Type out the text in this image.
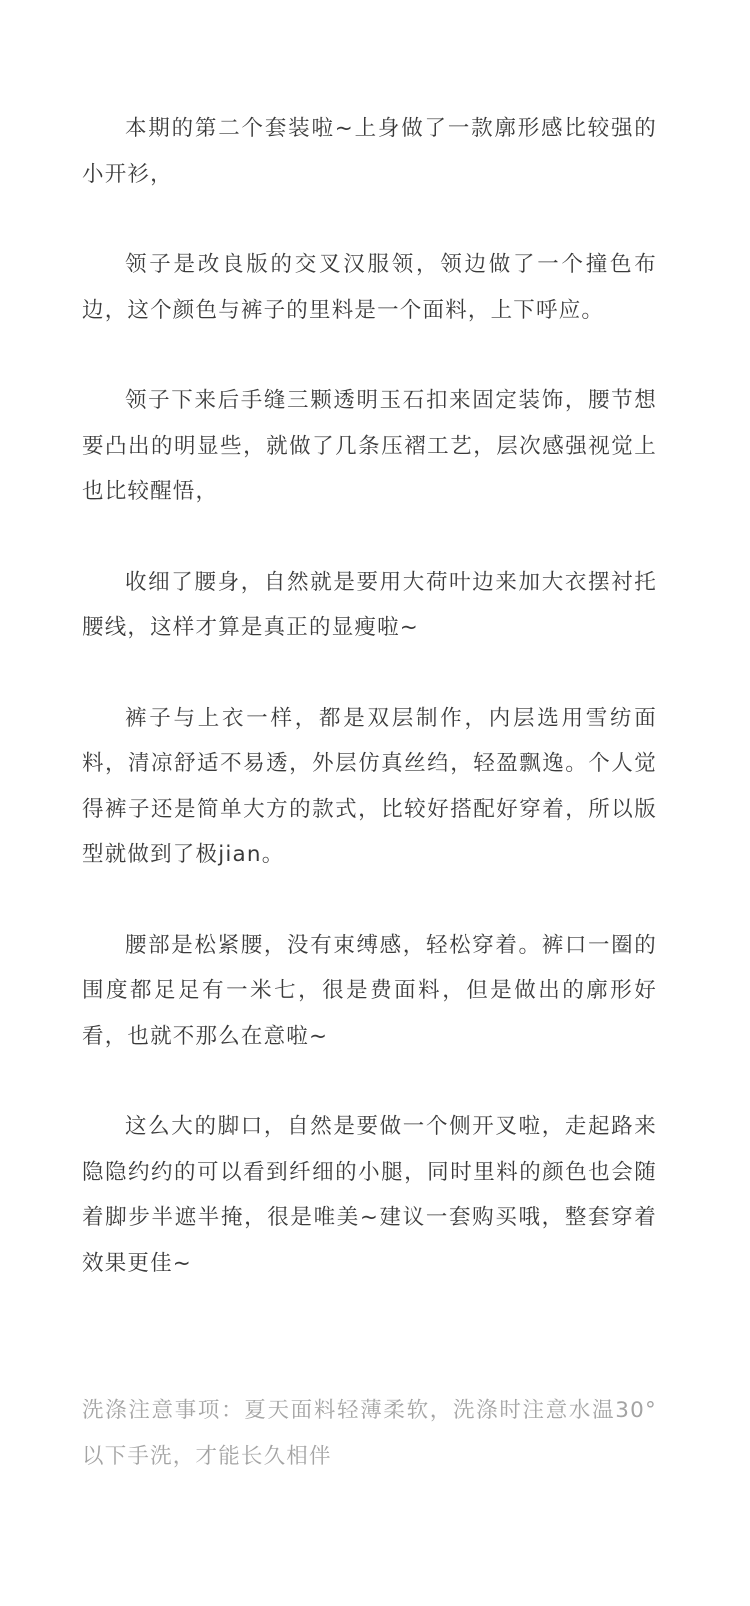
本期的第二个套装啦~上身做了一款廓形感比较强的小开衫，

领子是改良版的交叉汉服领，领边做了一个撞色布边，这个颜色与裤子的里料是一个面料，上下呼应。

领子下来后手缝三颗透明玉石扣来固定装饰，腰节想要凸出的明显些，就做了几条压褶工艺，层次感强视觉上也比较醒悟，

收细了腰身，自然就是要用大荷叶边来加大衣摆衬托腰线，这样才算是真正的显瘦啦~

裤子与上衣一样，都是双层制作，内层选用雪纺面料，清凉舒适不易透，外层仿真丝绉，轻盈飘逸。个人觉得裤子还是简单大方的款式，比较好搭配好穿着，所以版型就做到了极jian。

腰部是松紧腰，没有束缚感，轻松穿着。裤口一圈的围度都足足有一米七，很是费面料，但是做出的廓形好看，也就不那么在意啦~

这么大的脚口，自然是要做一个侧开叉啦，走起路来隐隐约约的可以看到纤细的小腿，同时里料的颜色也会随着脚步半遮半掩，很是唯美~建议一套购买哦，整套穿着效果更佳~

洗涤注意事项：夏天面料轻薄柔软，洗涤时注意水温30°以下手洗，才能长久相伴
